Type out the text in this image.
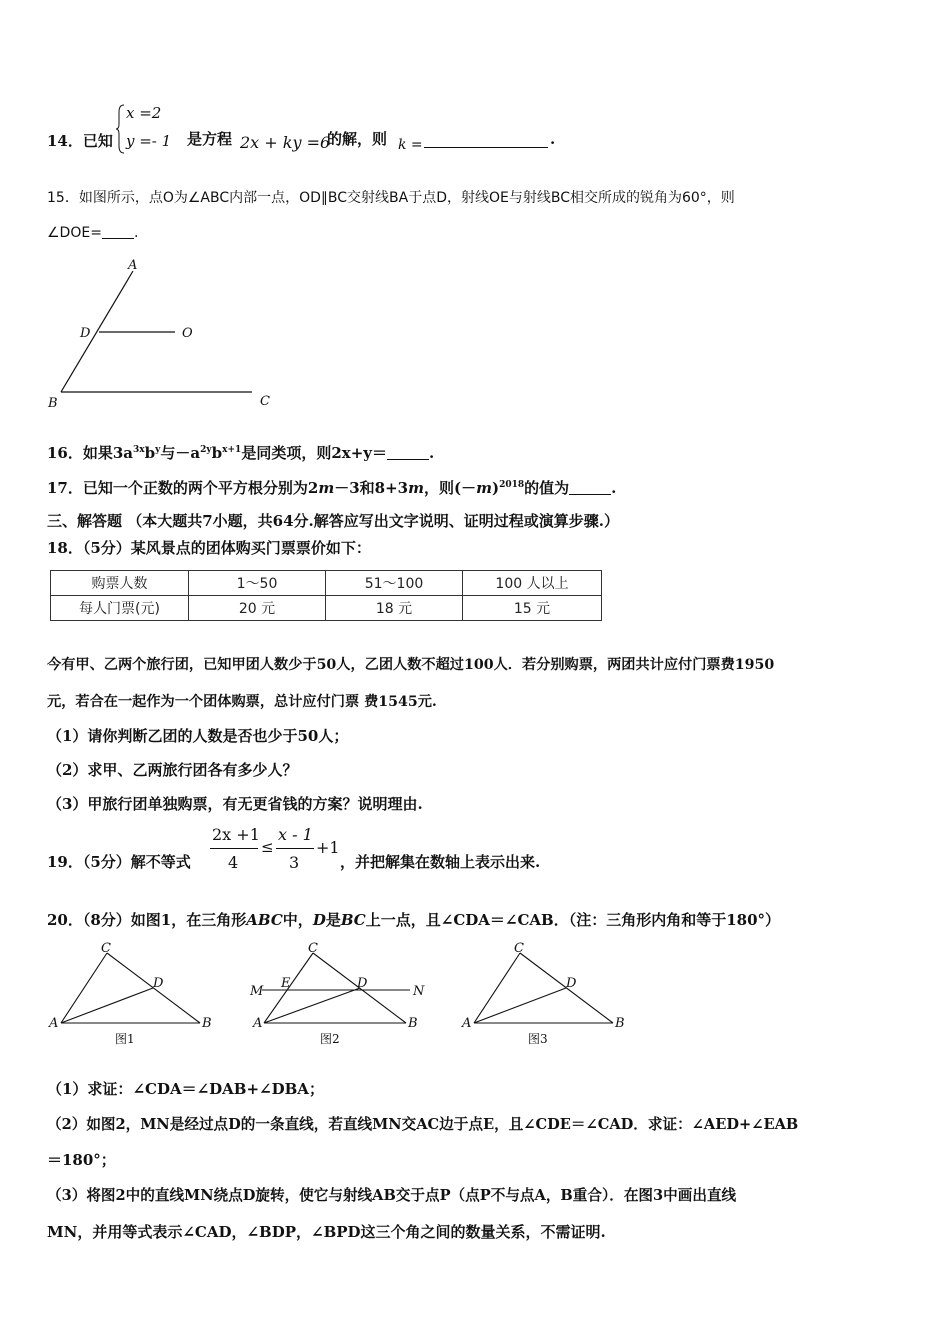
14．已知
x =2
y =- 1 是方程 2x + ky =6
的解，则 k =	.
15．如图所示，点O为∠ABC内部一点，OD∥BC交射线BA于点D，射线OE与射线BC相交所成的锐角为60°，则
∠DOE= .
A
D	O
B	C
16．如果$3a^{3x}b^y$与$-a^{2y}b^{x+1}$是同类项，则2x+y＝	.
17．已知一个正数的两个平方根分别为2m－3和8+3m，则$(-m)^{2018}$的值为	.
三、解答题 （本大题共7小题，共64分.解答应写出文字说明、证明过程或演算步骤.）
18．（5分）某风景点的团体购买门票票价如下：
购票人数	1～50	51～100	100 人以上
每人门票(元)	20 元	18 元	15 元
今有甲、乙两个旅行团，已知甲团人数少于50人，乙团人数不超过100人．若分别购票，两团共计应付门票费1950
元，若合在一起作为一个团体购票，总计应付门票 费1545元.
（1）请你判断乙团的人数是否也少于50人；
（2）求甲、乙两旅行团各有多少人？
（3）甲旅行团单独购票，有无更省钱的方案？说明理由.
19．（5分）解不等式
2x +1
4
≤
x - 1
3
+1
，并把解集在数轴上表示出来.
20．（8分）如图1，在三角形ABC中，D是BC上一点，且∠CDA＝∠CAB．（注：三角形内角和等于180°）
C
D
A	B
图1
C
E	D
M	N
A	B
图2
C
D
A	B
图3
（1）求证：∠CDA＝∠DAB+∠DBA；
（2）如图2，MN是经过点D的一条直线，若直线MN交AC边于点E，且∠CDE＝∠CAD．求证：∠AED+∠EAB
＝180°；
（3）将图2中的直线MN绕点D旋转，使它与射线AB交于点P（点P不与点A，B重合）．在图3中画出直线
MN，并用等式表示∠CAD，∠BDP，∠BPD这三个角之间的数量关系，不需证明.
